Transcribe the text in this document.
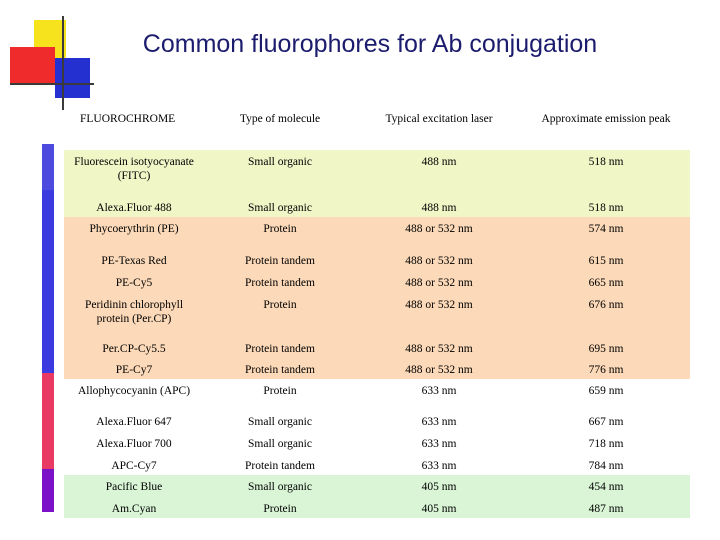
Common fluorophores for Ab conjugation
FLUOROCHROME	Type of molecule	Typical excitation laser	Approximate emission peak
Fluorescein isotyocyanate (FITC)	Small organic	488 nm	518 nm
Alexa.Fluor 488	Small organic	488 nm	518 nm
Phycoerythrin (PE)	Protein	488 or 532 nm	574 nm
PE-Texas Red	Protein tandem	488 or 532 nm	615 nm
PE-Cy5	Protein tandem	488 or 532 nm	665 nm
Peridinin chlorophyll protein (Per.CP)	Protein	488 or 532 nm	676 nm
Per.CP-Cy5.5	Protein tandem	488 or 532 nm	695 nm
PE-Cy7	Protein tandem	488 or 532 nm	776 nm
Allophycocyanin (APC)	Protein	633 nm	659 nm
Alexa.Fluor 647	Small organic	633 nm	667 nm
Alexa.Fluor 700	Small organic	633 nm	718 nm
APC-Cy7	Protein tandem	633 nm	784 nm
Pacific Blue	Small organic	405 nm	454 nm
Am.Cyan	Protein	405 nm	487 nm
